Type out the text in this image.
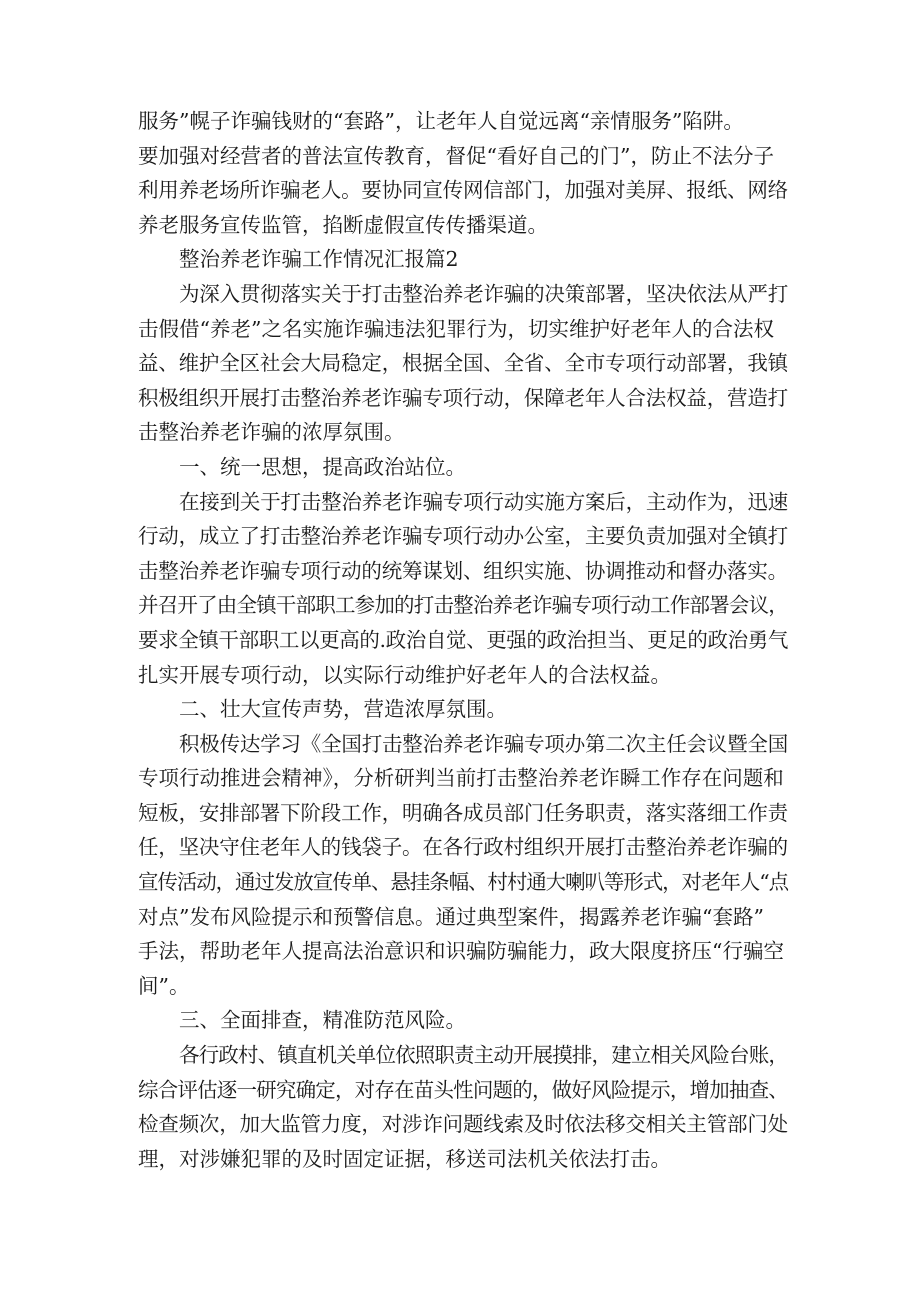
服务”幌子诈骗钱财的“套路”，让老年人自觉远离“亲情服务”陷阱。
要加强对经营者的普法宣传教育，督促“看好自己的门”，防止不法分子
利用养老场所诈骗老人。要协同宣传网信部门，加强对美屏、报纸、网络
养老服务宣传监管，掐断虚假宣传传播渠道。
整治养老诈骗工作情况汇报篇2
为深入贯彻落实关于打击整治养老诈骗的决策部署，坚决依法从严打
击假借“养老”之名实施诈骗违法犯罪行为，切实维护好老年人的合法权
益、维护全区社会大局稳定，根据全国、全省、全市专项行动部署，我镇
积极组织开展打击整治养老诈骗专项行动，保障老年人合法权益，营造打
击整治养老诈骗的浓厚氛围。
一、统一思想，提高政治站位。
在接到关于打击整治养老诈骗专项行动实施方案后，主动作为，迅速
行动，成立了打击整治养老诈骗专项行动办公室，主要负责加强对全镇打
击整治养老诈骗专项行动的统筹谋划、组织实施、协调推动和督办落实。
并召开了由全镇干部职工参加的打击整治养老诈骗专项行动工作部署会议，
要求全镇干部职工以更高的.政治自觉、更强的政治担当、更足的政治勇气
扎实开展专项行动，以实际行动维护好老年人的合法权益。
二、壮大宣传声势，营造浓厚氛围。
积极传达学习《全国打击整治养老诈骗专项办第二次主任会议暨全国
专项行动推进会精神》，分析研判当前打击整治养老诈瞬工作存在问题和
短板，安排部署下阶段工作，明确各成员部门任务职责，落实落细工作责
任，坚决守住老年人的钱袋子。在各行政村组织开展打击整治养老诈骗的
宣传活动，通过发放宣传单、悬挂条幅、村村通大喇叭等形式，对老年人“点
对点”发布风险提示和预警信息。通过典型案件，揭露养老诈骗“套路”
手法，帮助老年人提高法治意识和识骗防骗能力，政大限度挤压“行骗空
间”。
三、全面排查，精准防范风险。
各行政村、镇直机关单位依照职责主动开展摸排，建立相关风险台账，
综合评估逐一研究确定，对存在苗头性问题的，做好风险提示，增加抽查、
检查频次，加大监管力度，对涉诈问题线索及时依法移交相关主管部门处
理，对涉嫌犯罪的及时固定证据，移送司法机关依法打击。
